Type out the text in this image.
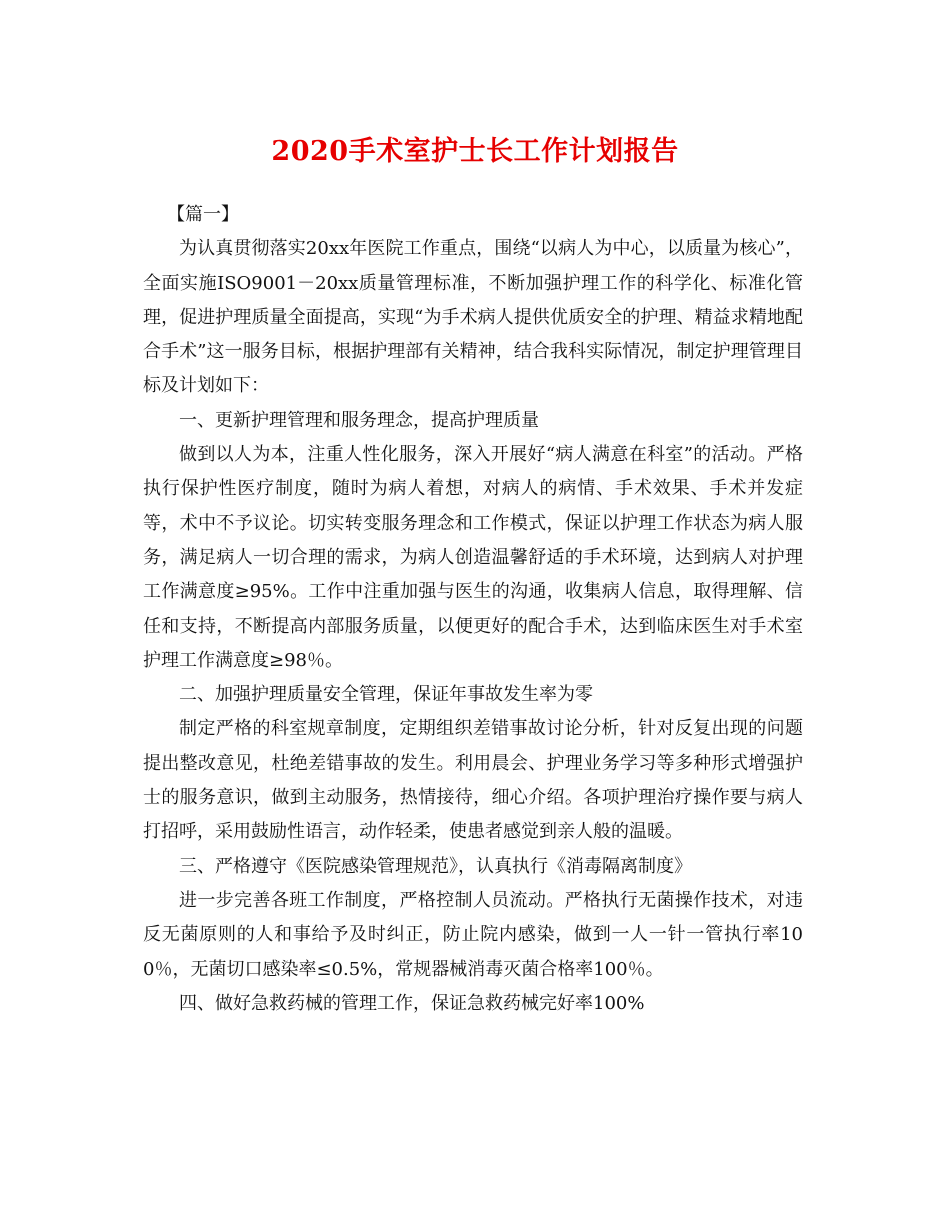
2020手术室护士长工作计划报告

【篇一】

为认真贯彻落实20xx年医院工作重点，围绕“以病人为中心，以质量为核心”，全面实施ISO9001－20xx质量管理标准，不断加强护理工作的科学化、标准化管理，促进护理质量全面提高，实现“为手术病人提供优质安全的护理、精益求精地配合手术”这一服务目标，根据护理部有关精神，结合我科实际情况，制定护理管理目标及计划如下：

一、更新护理管理和服务理念，提高护理质量

做到以人为本，注重人性化服务，深入开展好“病人满意在科室”的活动。严格执行保护性医疗制度，随时为病人着想，对病人的病情、手术效果、手术并发症等，术中不予议论。切实转变服务理念和工作模式，保证以护理工作状态为病人服务，满足病人一切合理的需求，为病人创造温馨舒适的手术环境，达到病人对护理工作满意度≥95%。工作中注重加强与医生的沟通，收集病人信息，取得理解、信任和支持，不断提高内部服务质量，以便更好的配合手术，达到临床医生对手术室护理工作满意度≥98％。

二、加强护理质量安全管理，保证年事故发生率为零

制定严格的科室规章制度，定期组织差错事故讨论分析，针对反复出现的问题提出整改意见，杜绝差错事故的发生。利用晨会、护理业务学习等多种形式增强护士的服务意识，做到主动服务，热情接待，细心介绍。各项护理治疗操作要与病人打招呼，采用鼓励性语言，动作轻柔，使患者感觉到亲人般的温暖。

三、严格遵守《医院感染管理规范》，认真执行《消毒隔离制度》

进一步完善各班工作制度，严格控制人员流动。严格执行无菌操作技术，对违反无菌原则的人和事给予及时纠正，防止院内感染，做到一人一针一管执行率100％，无菌切口感染率≤0.5%，常规器械消毒灭菌合格率100％。

四、做好急救药械的管理工作，保证急救药械完好率100%
